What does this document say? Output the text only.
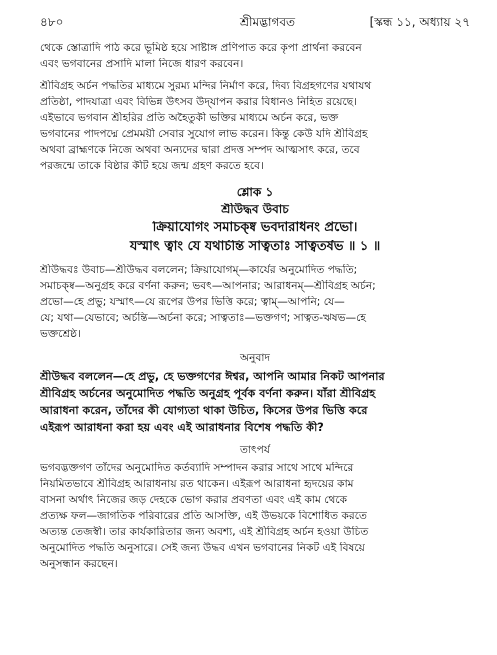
৪৮০	শ্রীমদ্ভাগবত	[স্কন্ধ ১১, অধ্যায় ২৭
থেকে স্তোত্রাদি পাঠ করে ভূমিষ্ঠ হয়ে সাষ্টাঙ্গ প্রণিপাত করে কৃপা প্রার্থনা করবেন
এবং ভগবানের প্রসাদি মালা নিজে ধারণ করবেন।
শ্রীবিগ্রহ অর্চন পদ্ধতির মাধ্যমে সুরম্য মন্দির নির্মাণ করে, দিব্য বিগ্রহগণের যথাযথ
প্রতিষ্ঠা, পাদযাত্রা এবং বিভিন্ন উৎসব উদ্‌যাপন করার বিধানও নিহিত রয়েছে।
এইভাবে ভগবান শ্রীহরির প্রতি অহৈতুকী ভক্তির মাধ্যমে অর্চন করে, ভক্ত
ভগবানের পাদপদ্মে প্রেমময়ী সেবার সুযোগ লাভ করেন। কিন্তু কেউ যদি শ্রীবিগ্রহ
অথবা ব্রাহ্মণকে নিজে অথবা অন্যদের দ্বারা প্রদত্ত সম্পদ আত্মসাৎ করে, তবে
পরজন্মে তাকে বিষ্ঠার কীট হয়ে জন্ম গ্রহণ করতে হবে।
শ্লোক ১
শ্রীউদ্ধব উবাচ
ক্রিয়াযোগং সমাচক্ষ্ব ভবদারাধনং প্রভো।
যস্মাৎ ত্বাং যে যথার্চন্তি সাত্বতাঃ সাত্বতর্ষভ ॥ ১ ॥
শ্রীউদ্ধবঃ উবাচ—শ্রীউদ্ধব বললেন; ক্রিয়াযোগম্—কার্যের অনুমোদিত পদ্ধতি;
সমাচক্ষ্ব—অনুগ্রহ করে বর্ণনা করুন; ভবৎ—আপনার; আরাধনম্—শ্রীবিগ্রহ অর্চন;
প্রভো—হে প্রভু; যস্মাৎ—যে রূপের উপর ভিত্তি করে; ত্বাম্—আপনি; যে—
যে; যথা—যেভাবে; অর্চন্তি—অর্চনা করে; সাত্বতাঃ—ভক্তগণ; সাত্বত-ঋষভ—হে
ভক্তশ্রেষ্ঠ।
অনুবাদ
শ্রীউদ্ধব বললেন—হে প্রভু, হে ভক্তগণের ঈশ্বর, আপনি আমার নিকট আপনার
শ্রীবিগ্রহ অর্চনের অনুমোদিত পদ্ধতি অনুগ্রহ পূর্বক বর্ণনা করুন। যাঁরা শ্রীবিগ্রহ
আরাধনা করেন, তাঁদের কী যোগ্যতা থাকা উচিত, কিসের উপর ভিত্তি করে
এইরূপ আরাধনা করা হয় এবং এই আরাধনার বিশেষ পদ্ধতি কী?
তাৎপর্য
ভগবদ্ভক্তগণ তাঁদের অনুমোদিত কর্তব্যাদি সম্পাদন করার সাথে সাথে মন্দিরে
নিয়মিতভাবে শ্রীবিগ্রহ আরাধনায় রত থাকেন। এইরূপ আরাধনা হৃদয়ের কাম
বাসনা অর্থাৎ নিজের জড় দেহকে ভোগ করার প্রবণতা এবং এই কাম থেকে
প্রত্যক্ষ ফল—জাগতিক পরিবারের প্রতি আসক্তি, এই উভয়কে বিশোধিত করতে
অত্যন্ত তেজস্বী। তার কার্যকারিতার জন্য অবশ্য, এই শ্রীবিগ্রহ অর্চন হওয়া উচিত
অনুমোদিত পদ্ধতি অনুসারে। সেই জন্য উদ্ধব এখন ভগবানের নিকট এই বিষয়ে
অনুসন্ধান করছেন।
